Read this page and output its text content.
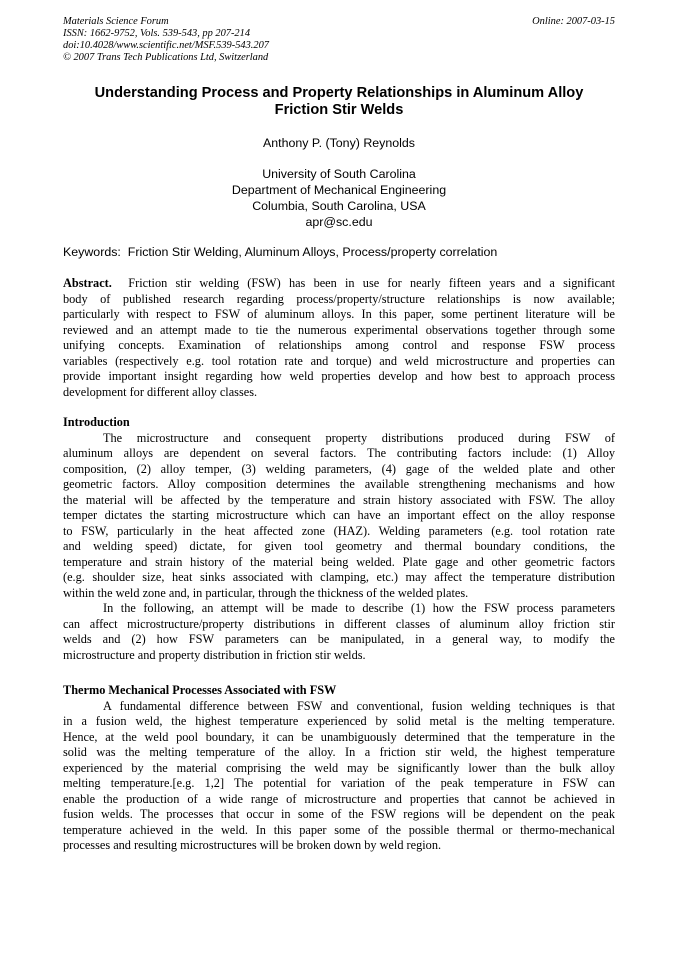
Materials Science Forum
ISSN: 1662-9752, Vols. 539-543, pp 207-214
doi:10.4028/www.scientific.net/MSF.539-543.207
© 2007 Trans Tech Publications Ltd, Switzerland
Online: 2007-03-15
Understanding Process and Property Relationships in Aluminum Alloy
Friction Stir Welds
Anthony P. (Tony) Reynolds
University of South Carolina
Department of Mechanical Engineering
Columbia, South Carolina, USA
apr@sc.edu
Keywords: Friction Stir Welding, Aluminum Alloys, Process/property correlation
Abstract. Friction stir welding (FSW) has been in use for nearly fifteen years and a significant
body of published research regarding process/property/structure relationships is now available;
particularly with respect to FSW of aluminum alloys. In this paper, some pertinent literature will be
reviewed and an attempt made to tie the numerous experimental observations together through some
unifying concepts. Examination of relationships among control and response FSW process
variables (respectively e.g. tool rotation rate and torque) and weld microstructure and properties can
provide important insight regarding how weld properties develop and how best to approach process
development for different alloy classes.
Introduction
The microstructure and consequent property distributions produced during FSW of
aluminum alloys are dependent on several factors. The contributing factors include: (1) Alloy
composition, (2) alloy temper, (3) welding parameters, (4) gage of the welded plate and other
geometric factors. Alloy composition determines the available strengthening mechanisms and how
the material will be affected by the temperature and strain history associated with FSW. The alloy
temper dictates the starting microstructure which can have an important effect on the alloy response
to FSW, particularly in the heat affected zone (HAZ). Welding parameters (e.g. tool rotation rate
and welding speed) dictate, for given tool geometry and thermal boundary conditions, the
temperature and strain history of the material being welded. Plate gage and other geometric factors
(e.g. shoulder size, heat sinks associated with clamping, etc.) may affect the temperature distribution
within the weld zone and, in particular, through the thickness of the welded plates.
In the following, an attempt will be made to describe (1) how the FSW process parameters
can affect microstructure/property distributions in different classes of aluminum alloy friction stir
welds and (2) how FSW parameters can be manipulated, in a general way, to modify the
microstructure and property distribution in friction stir welds.
Thermo Mechanical Processes Associated with FSW
A fundamental difference between FSW and conventional, fusion welding techniques is that
in a fusion weld, the highest temperature experienced by solid metal is the melting temperature.
Hence, at the weld pool boundary, it can be unambiguously determined that the temperature in the
solid was the melting temperature of the alloy. In a friction stir weld, the highest temperature
experienced by the material comprising the weld may be significantly lower than the bulk alloy
melting temperature.[e.g. 1,2] The potential for variation of the peak temperature in FSW can
enable the production of a wide range of microstructure and properties that cannot be achieved in
fusion welds. The processes that occur in some of the FSW regions will be dependent on the peak
temperature achieved in the weld. In this paper some of the possible thermal or thermo-mechanical
processes and resulting microstructures will be broken down by weld region.
